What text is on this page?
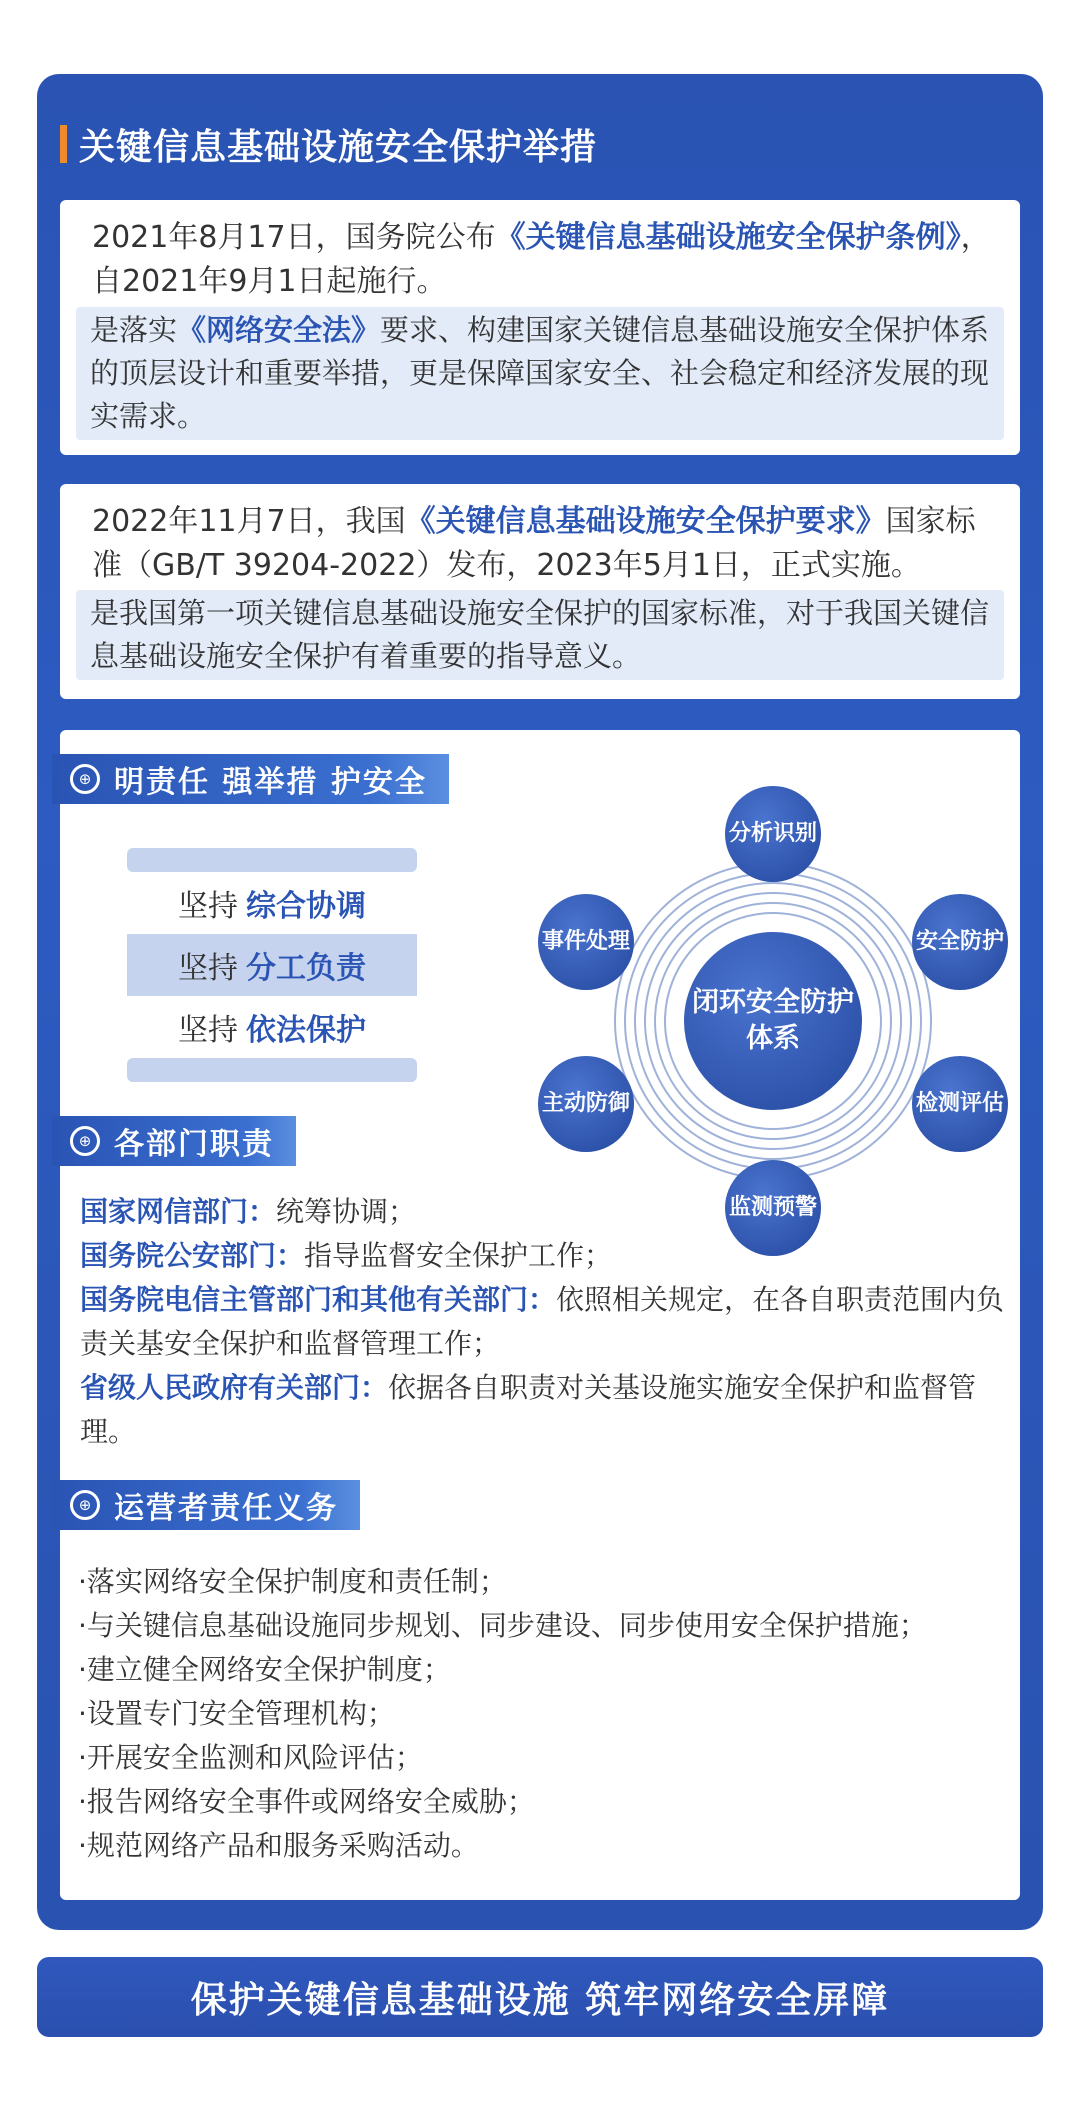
关键信息基础设施安全保护举措
2021年8月17日，国务院公布《关键信息基础设施安全保护条例》，自2021年9月1日起施行。
是落实《网络安全法》要求、构建国家关键信息基础设施安全保护体系的顶层设计和重要举措，更是保障国家安全、社会稳定和经济发展的现实需求。
2022年11月7日，我国《关键信息基础设施安全保护要求》国家标准（GB/T 39204-2022）发布，2023年5月1日，正式实施。
是我国第一项关键信息基础设施安全保护的国家标准，对于我国关键信息基础设施安全保护有着重要的指导意义。
⊕ 明责任 强举措 护安全
坚持 综合协调
坚持 分工负责
坚持 依法保护
闭环安全防护体系
分析识别
安全防护
检测评估
监测预警
主动防御
事件处理
⊕ 各部门职责
国家网信部门：统筹协调；
国务院公安部门：指导监督安全保护工作；
国务院电信主管部门和其他有关部门：依照相关规定，在各自职责范围内负责关基安全保护和监督管理工作；
省级人民政府有关部门：依据各自职责对关基设施实施安全保护和监督管理。
⊕ 运营者责任义务
·落实网络安全保护制度和责任制；
·与关键信息基础设施同步规划、同步建设、同步使用安全保护措施；
·建立健全网络安全保护制度；
·设置专门安全管理机构；
·开展安全监测和风险评估；
·报告网络安全事件或网络安全威胁；
·规范网络产品和服务采购活动。
保护关键信息基础设施 筑牢网络安全屏障
